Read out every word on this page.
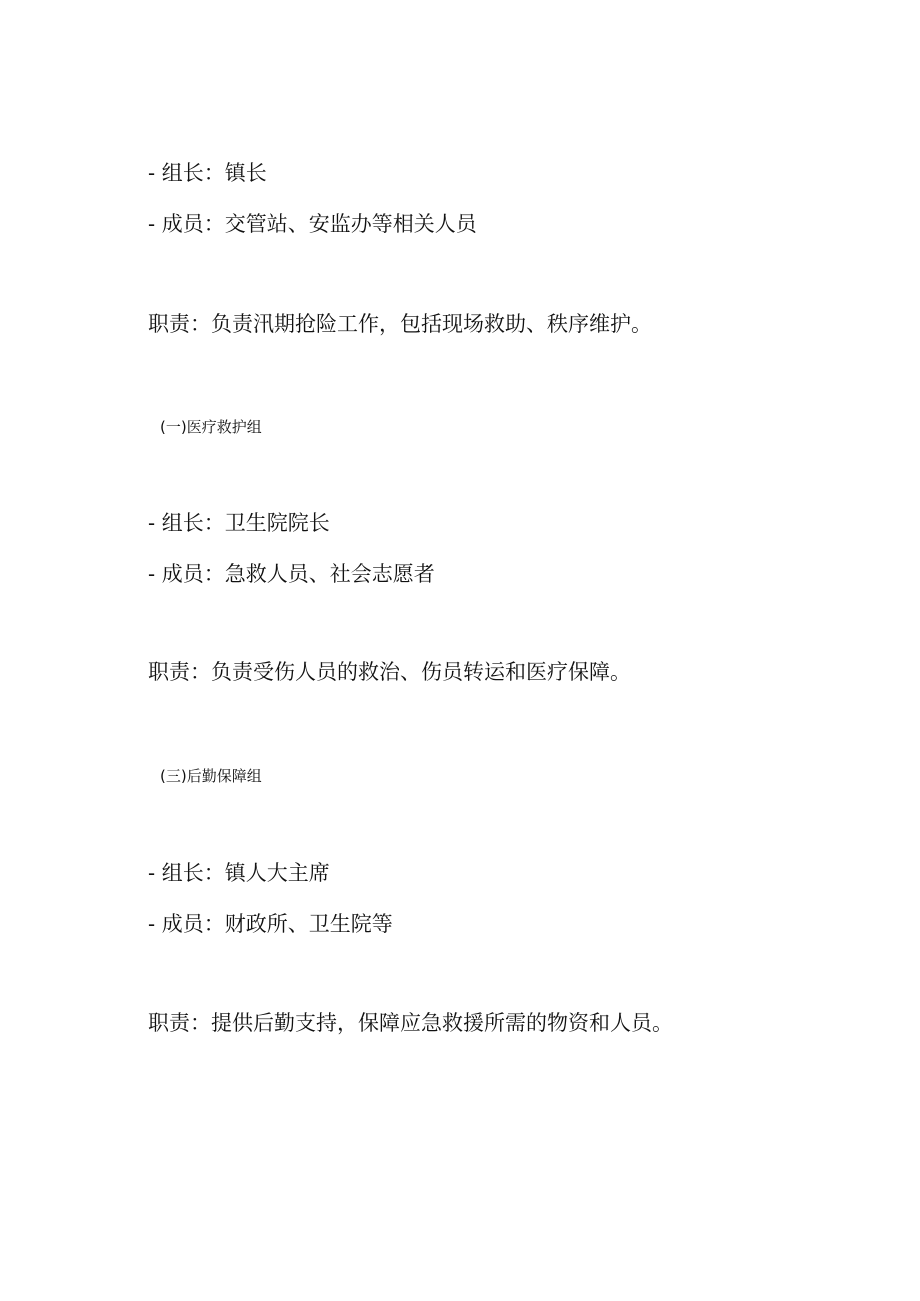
- 组长：镇长
- 成员：交管站、安监办等相关人员
职责：负责汛期抢险工作，包括现场救助、秩序维护。
(一)医疗救护组
- 组长：卫生院院长
- 成员：急救人员、社会志愿者
职责：负责受伤人员的救治、伤员转运和医疗保障。
(三)后勤保障组
- 组长：镇人大主席
- 成员：财政所、卫生院等
职责：提供后勤支持，保障应急救援所需的物资和人员。
